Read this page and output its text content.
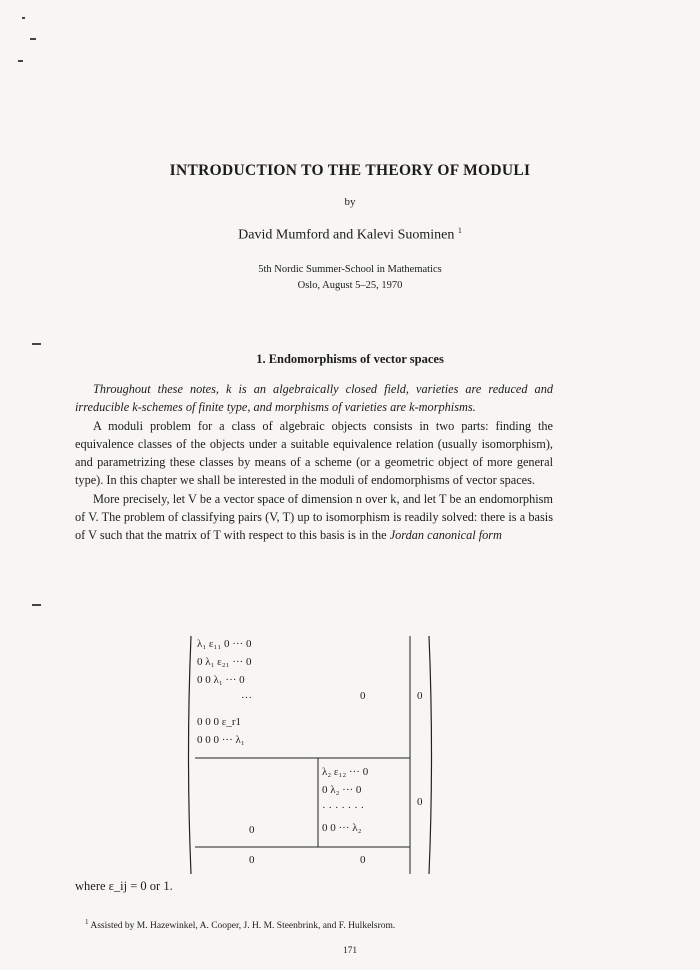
INTRODUCTION TO THE THEORY OF MODULI
by
David Mumford and Kalevi Suominen $^1$
5th Nordic Summer-School in Mathematics
Oslo, August 5–25, 1970
1. Endomorphisms of vector spaces

Throughout these notes, k is an algebraically closed field, varieties are reduced and irreducible k-schemes of finite type, and morphisms of varieties are k-morphisms.

A moduli problem for a class of algebraic objects consists in two parts: finding the equivalence classes of the objects under a suitable equivalence relation (usually isomorphism), and parametrizing these classes by means of a scheme (or a geometric object of more general type). In this chapter we shall be interested in the moduli of endomorphisms of vector spaces.

More precisely, let V be a vector space of dimension n over k, and let T be an endomorphism of V. The problem of classifying pairs (V, T) up to isomorphism is readily solved: there is a basis of V such that the matrix of T with respect to this basis is in the Jordan canonical form

λ₁ ε₁₁ 0 ··· 0
0 λ₁ ε₂₁ ··· 0
0 0 λ₁ ··· 0
···
0 0 0 ε_r1
0 0 0 ··· λ₁
0	0
λ₂ ε₁₂ ··· 0
0 λ₂ ··· 0
· · · · · · ·
0 0 ··· λ₂
0
0
0	0
where ε_ij = 0 or 1.
$^1$ Assisted by M. Hazewinkel, A. Cooper, J. H. M. Steenbrink, and F. Hulkelsrom.
171
